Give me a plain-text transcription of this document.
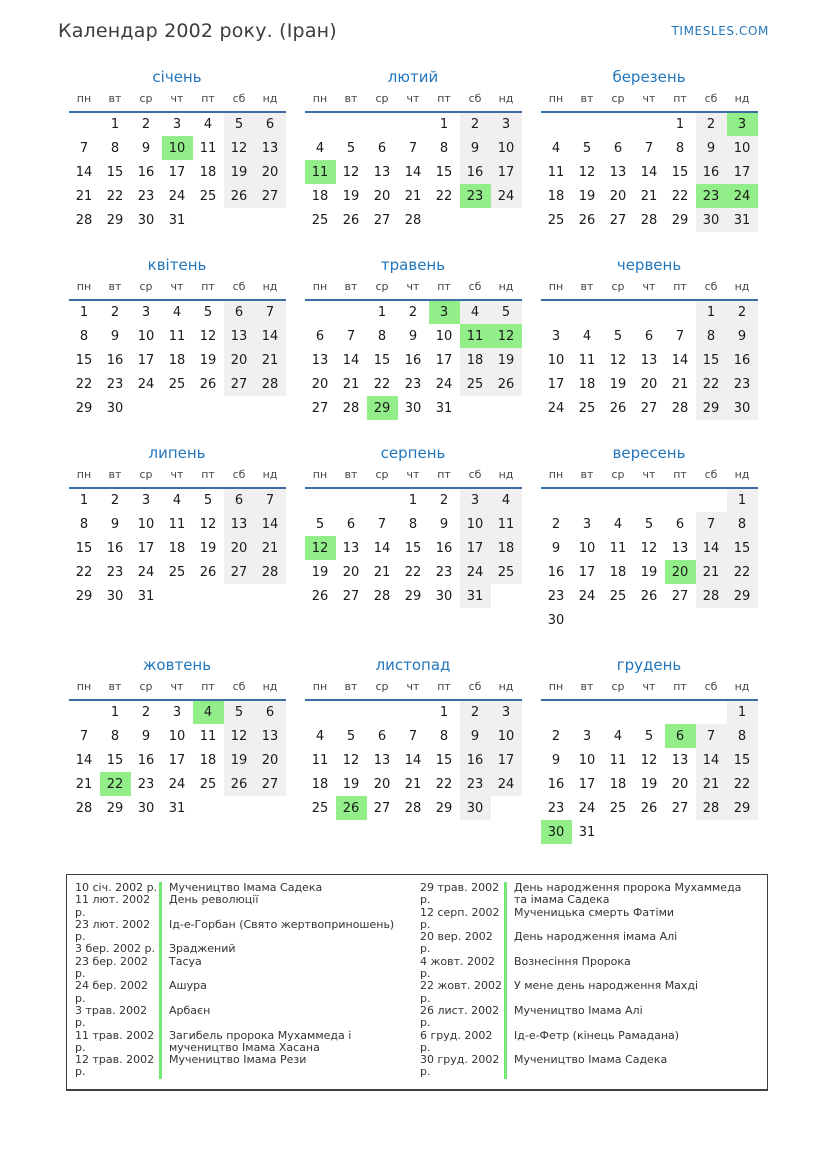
Календар 2002 року. (Іран)	TIMESLES.COM
січень
пн	вт	ср	чт	пт	сб	нд
	1	2	3	4	5	6
7	8	9	10	11	12	13
14	15	16	17	18	19	20
21	22	23	24	25	26	27
28	29	30	31			
лютий
пн	вт	ср	чт	пт	сб	нд
				1	2	3
4	5	6	7	8	9	10
11	12	13	14	15	16	17
18	19	20	21	22	23	24
25	26	27	28			
березень
пн	вт	ср	чт	пт	сб	нд
				1	2	3
4	5	6	7	8	9	10
11	12	13	14	15	16	17
18	19	20	21	22	23	24
25	26	27	28	29	30	31
квітень
пн	вт	ср	чт	пт	сб	нд
1	2	3	4	5	6	7
8	9	10	11	12	13	14
15	16	17	18	19	20	21
22	23	24	25	26	27	28
29	30					
травень
пн	вт	ср	чт	пт	сб	нд
		1	2	3	4	5
6	7	8	9	10	11	12
13	14	15	16	17	18	19
20	21	22	23	24	25	26
27	28	29	30	31		
червень
пн	вт	ср	чт	пт	сб	нд
					1	2
3	4	5	6	7	8	9
10	11	12	13	14	15	16
17	18	19	20	21	22	23
24	25	26	27	28	29	30
липень
пн	вт	ср	чт	пт	сб	нд
1	2	3	4	5	6	7
8	9	10	11	12	13	14
15	16	17	18	19	20	21
22	23	24	25	26	27	28
29	30	31				
серпень
пн	вт	ср	чт	пт	сб	нд
			1	2	3	4
5	6	7	8	9	10	11
12	13	14	15	16	17	18
19	20	21	22	23	24	25
26	27	28	29	30	31	
вересень
пн	вт	ср	чт	пт	сб	нд
						1
2	3	4	5	6	7	8
9	10	11	12	13	14	15
16	17	18	19	20	21	22
23	24	25	26	27	28	29
30						
жовтень
пн	вт	ср	чт	пт	сб	нд
	1	2	3	4	5	6
7	8	9	10	11	12	13
14	15	16	17	18	19	20
21	22	23	24	25	26	27
28	29	30	31			
листопад
пн	вт	ср	чт	пт	сб	нд
				1	2	3
4	5	6	7	8	9	10
11	12	13	14	15	16	17
18	19	20	21	22	23	24
25	26	27	28	29	30	
грудень
пн	вт	ср	чт	пт	сб	нд
						1
2	3	4	5	6	7	8
9	10	11	12	13	14	15
16	17	18	19	20	21	22
23	24	25	26	27	28	29
30	31					
10 січ. 2002 р. Мучеництво Імама Садека
11 лют. 2002 р.
День революції
23 лют. 2002 р.
Ід-е-Горбан (Свято жертвоприношень)
3 бер. 2002 р.	Зраджений
23 бер. 2002 р.
Тасуа
24 бер. 2002 р.
Ашура
3 трав. 2002 р.
Арбаєн
11 трав. 2002 р.
Загибель пророка Мухаммеда і мучеництво Імама Хасана
12 трав. 2002 р.
Мучеництво Імама Рези
29 трав. 2002 р.
День народження пророка Мухаммеда та імама Садека
12 серп. 2002 р.
Мученицька смерть Фатіми
20 вер. 2002 р.
День народження імама Алі
4 жовт. 2002 р.
Вознесіння Пророка
22 жовт. 2002 р.
У мене день народження Махді
26 лист. 2002 р.
Мучеництво Імама Алі
6 груд. 2002 р.
Ід-е-Фетр (кінець Рамадана)
30 груд. 2002 р.
Мучеництво Імама Садека
